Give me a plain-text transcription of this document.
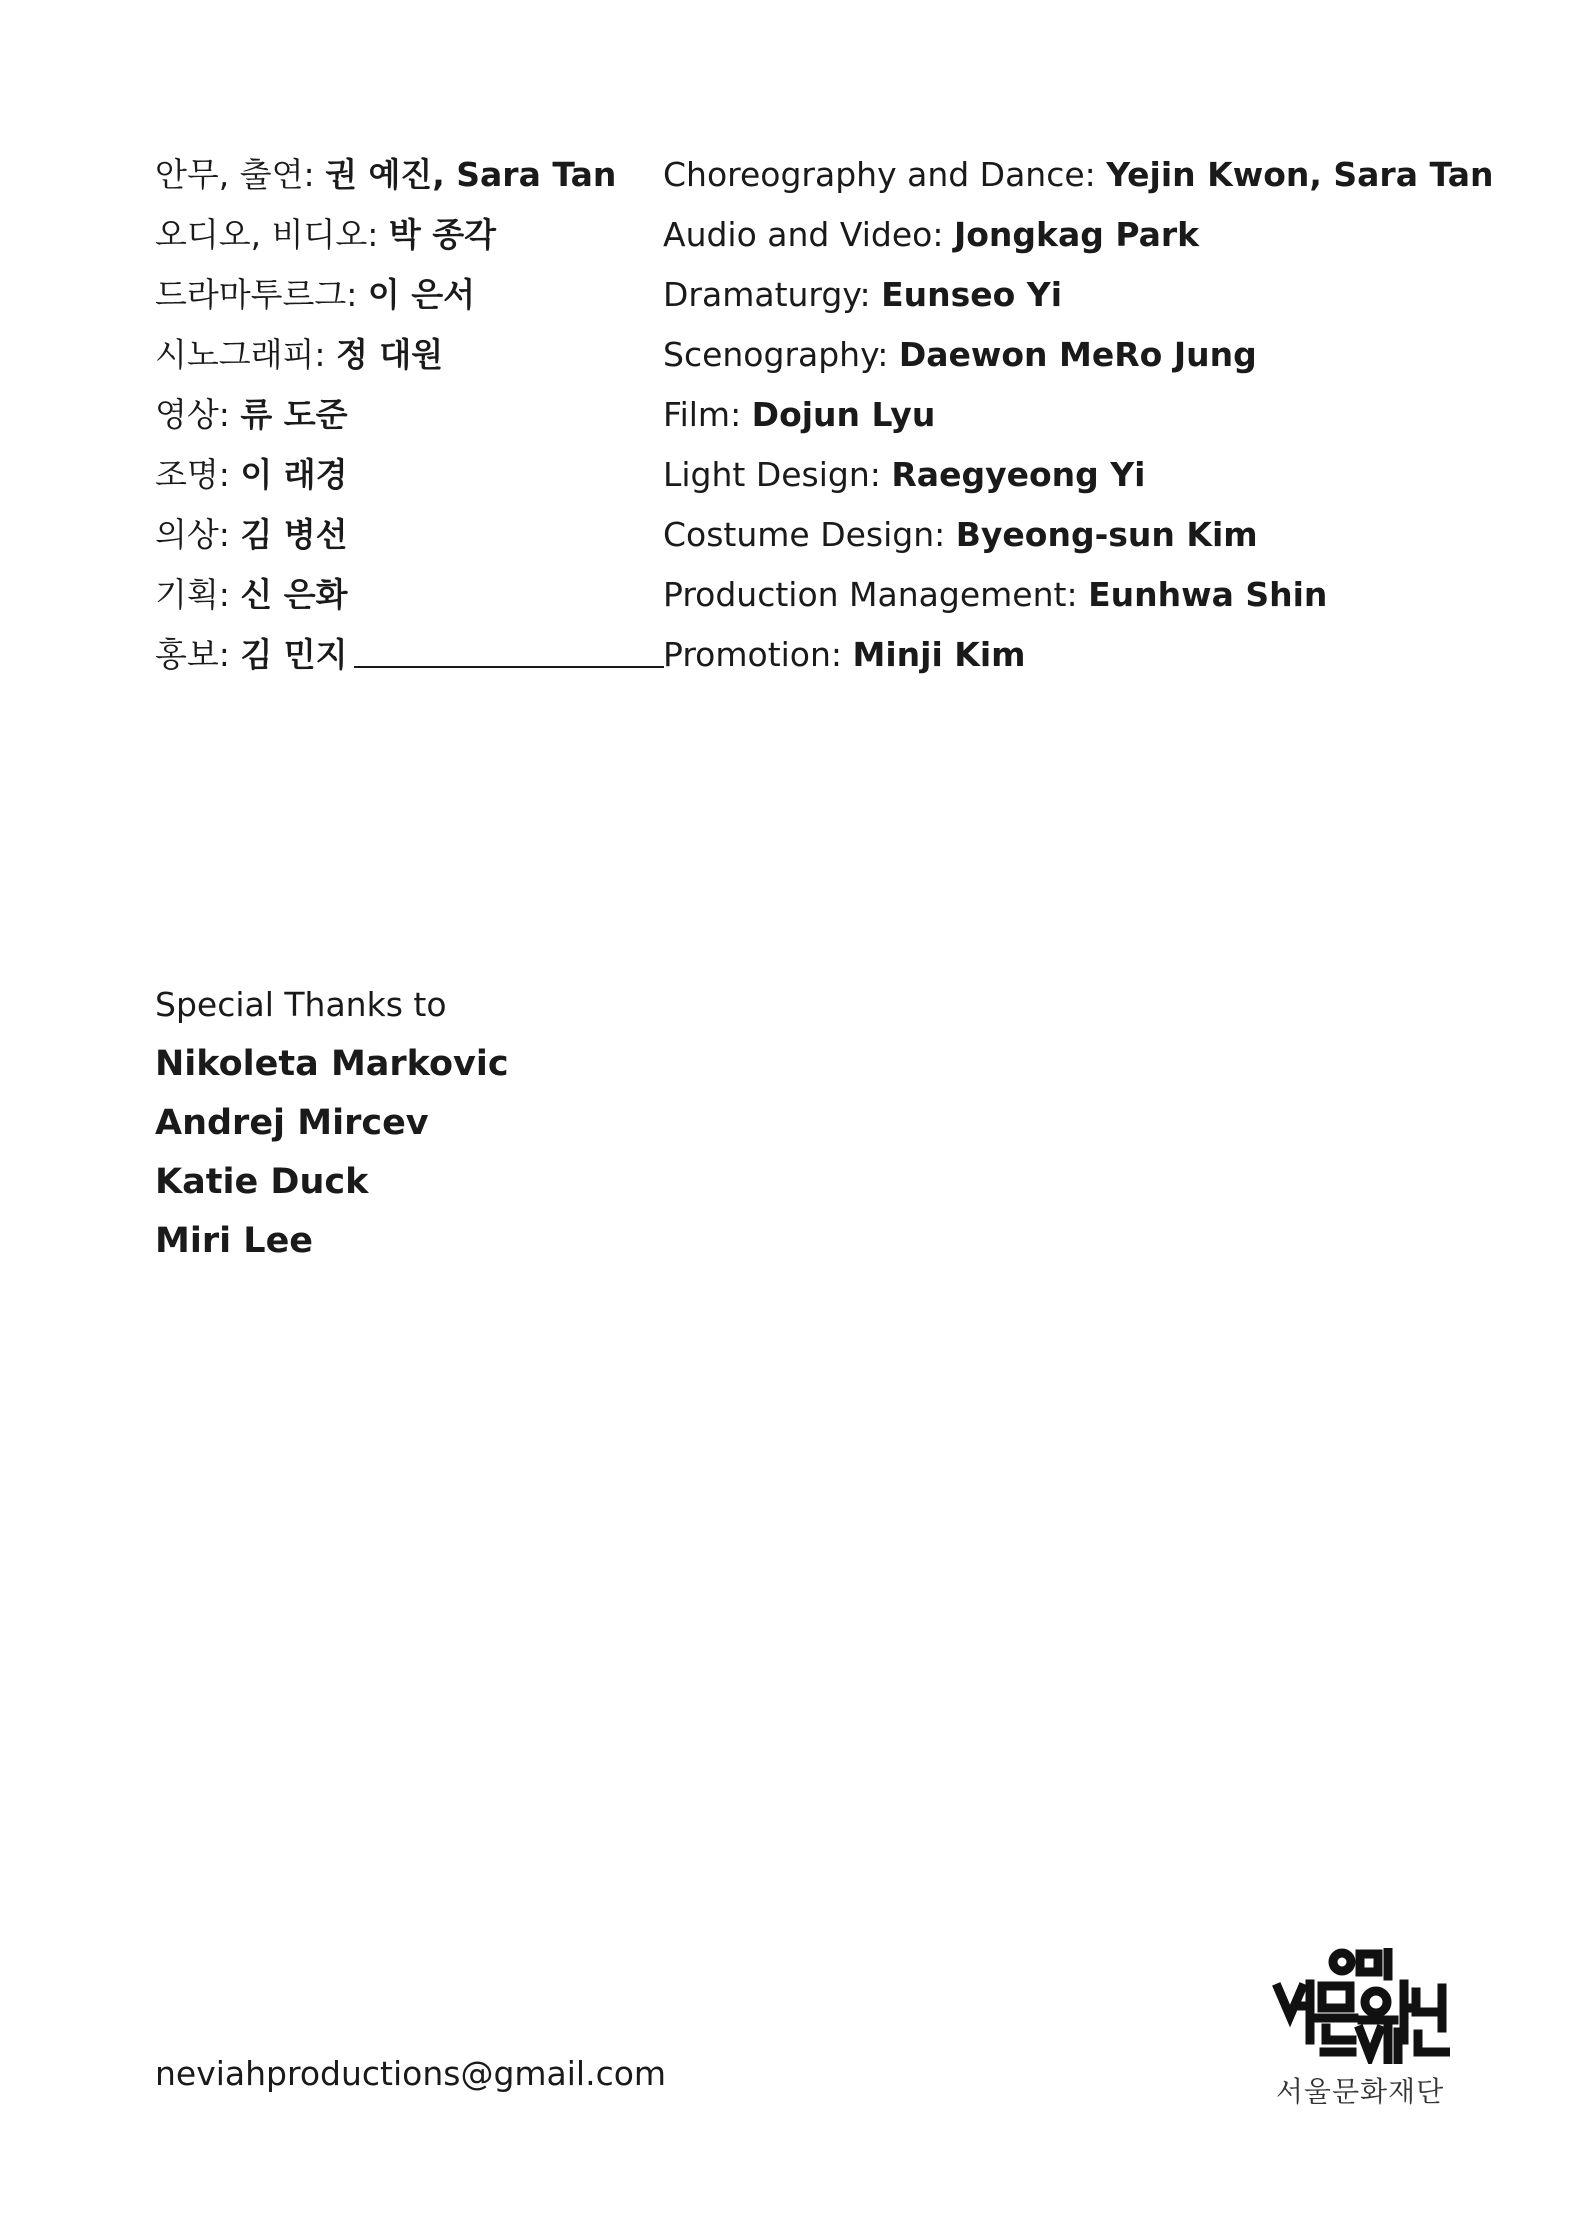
안무, 출연: 권 예진, Sara Tan
오디오, 비디오: 박 종각
드라마투르그: 이 은서
시노그래피: 정 대원
영상: 류 도준
조명: 이 래경
의상: 김 병선
기획: 신 은화
홍보: 김 민지
Choreography and Dance: Yejin Kwon, Sara Tan
Audio and Video: Jongkag Park
Dramaturgy: Eunseo Yi
Scenography: Daewon MeRo Jung
Film: Dojun Lyu
Light Design: Raegyeong Yi
Costume Design: Byeong-sun Kim
Production Management: Eunhwa Shin
Promotion: Minji Kim
Special Thanks to
Nikoleta Markovic
Andrej Mircev
Katie Duck
Miri Lee
neviahproductions@gmail.com	서울문화재단
